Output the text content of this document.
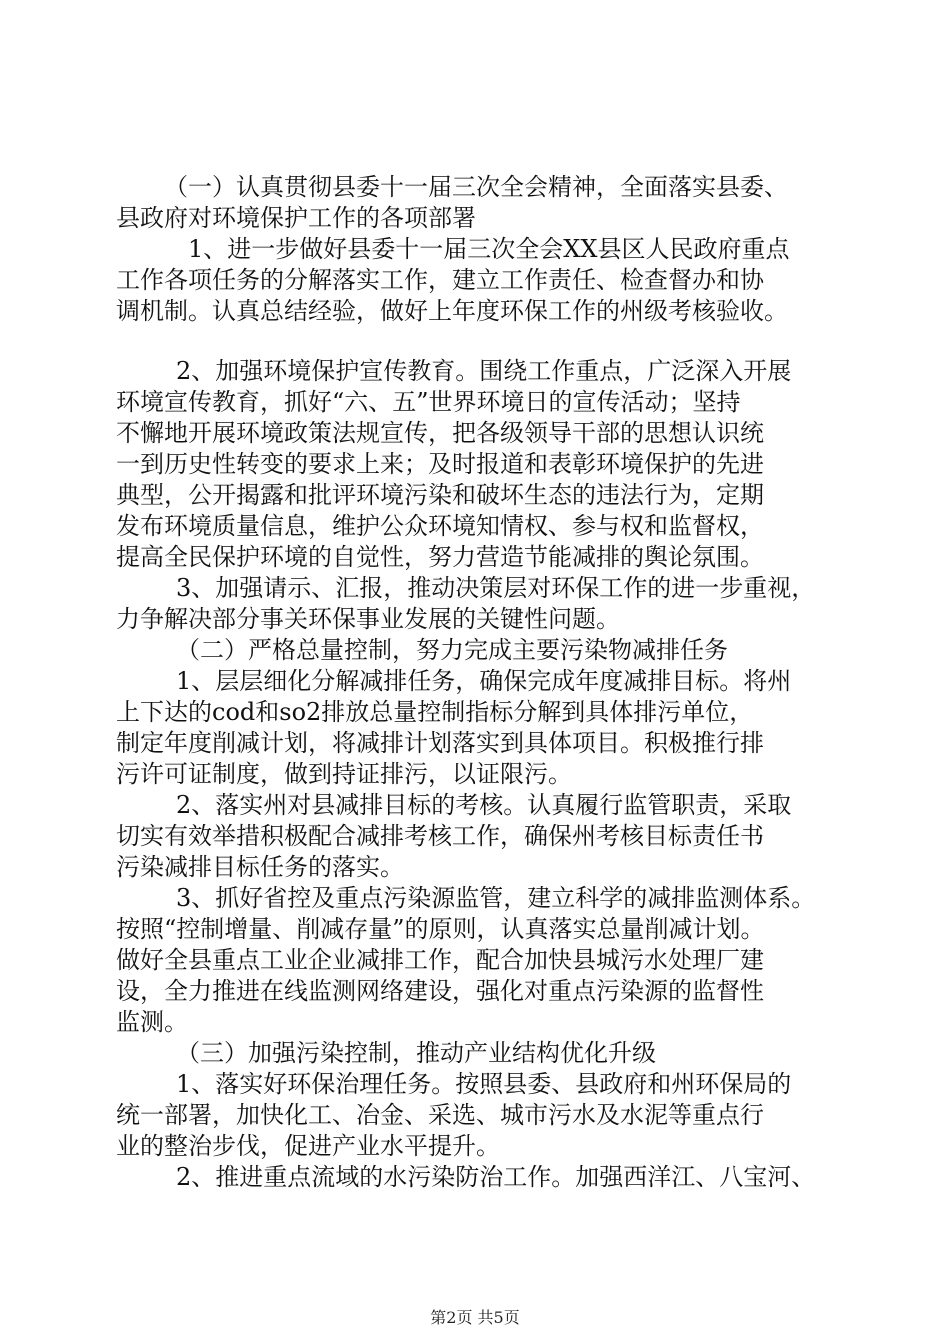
（一）认真贯彻县委十一届三次全会精神，全面落实县委、
县政府对环境保护工作的各项部署
1、进一步做好县委十一届三次全会XX县区人民政府重点
工作各项任务的分解落实工作，建立工作责任、检查督办和协
调机制。认真总结经验，做好上年度环保工作的州级考核验收。
2、加强环境保护宣传教育。围绕工作重点，广泛深入开展
环境宣传教育，抓好“六、五”世界环境日的宣传活动；坚持
不懈地开展环境政策法规宣传，把各级领导干部的思想认识统
一到历史性转变的要求上来；及时报道和表彰环境保护的先进
典型，公开揭露和批评环境污染和破坏生态的违法行为，定期
发布环境质量信息，维护公众环境知情权、参与权和监督权，
提高全民保护环境的自觉性，努力营造节能减排的舆论氛围。
3、加强请示、汇报，推动决策层对环保工作的进一步重视，
力争解决部分事关环保事业发展的关键性问题。
（二）严格总量控制，努力完成主要污染物减排任务
1、层层细化分解减排任务，确保完成年度减排目标。将州
上下达的cod和so2排放总量控制指标分解到具体排污单位，
制定年度削减计划，将减排计划落实到具体项目。积极推行排
污许可证制度，做到持证排污，以证限污。
2、落实州对县减排目标的考核。认真履行监管职责，采取
切实有效举措积极配合减排考核工作，确保州考核目标责任书
污染减排目标任务的落实。
3、抓好省控及重点污染源监管，建立科学的减排监测体系。
按照“控制增量、削减存量”的原则，认真落实总量削减计划。
做好全县重点工业企业减排工作，配合加快县城污水处理厂建
设，全力推进在线监测网络建设，强化对重点污染源的监督性
监测。
（三）加强污染控制，推动产业结构优化升级
1、落实好环保治理任务。按照县委、县政府和州环保局的
统一部署，加快化工、冶金、采选、城市污水及水泥等重点行
业的整治步伐，促进产业水平提升。
2、推进重点流域的水污染防治工作。加强西洋江、八宝河、
第2页 共5页
